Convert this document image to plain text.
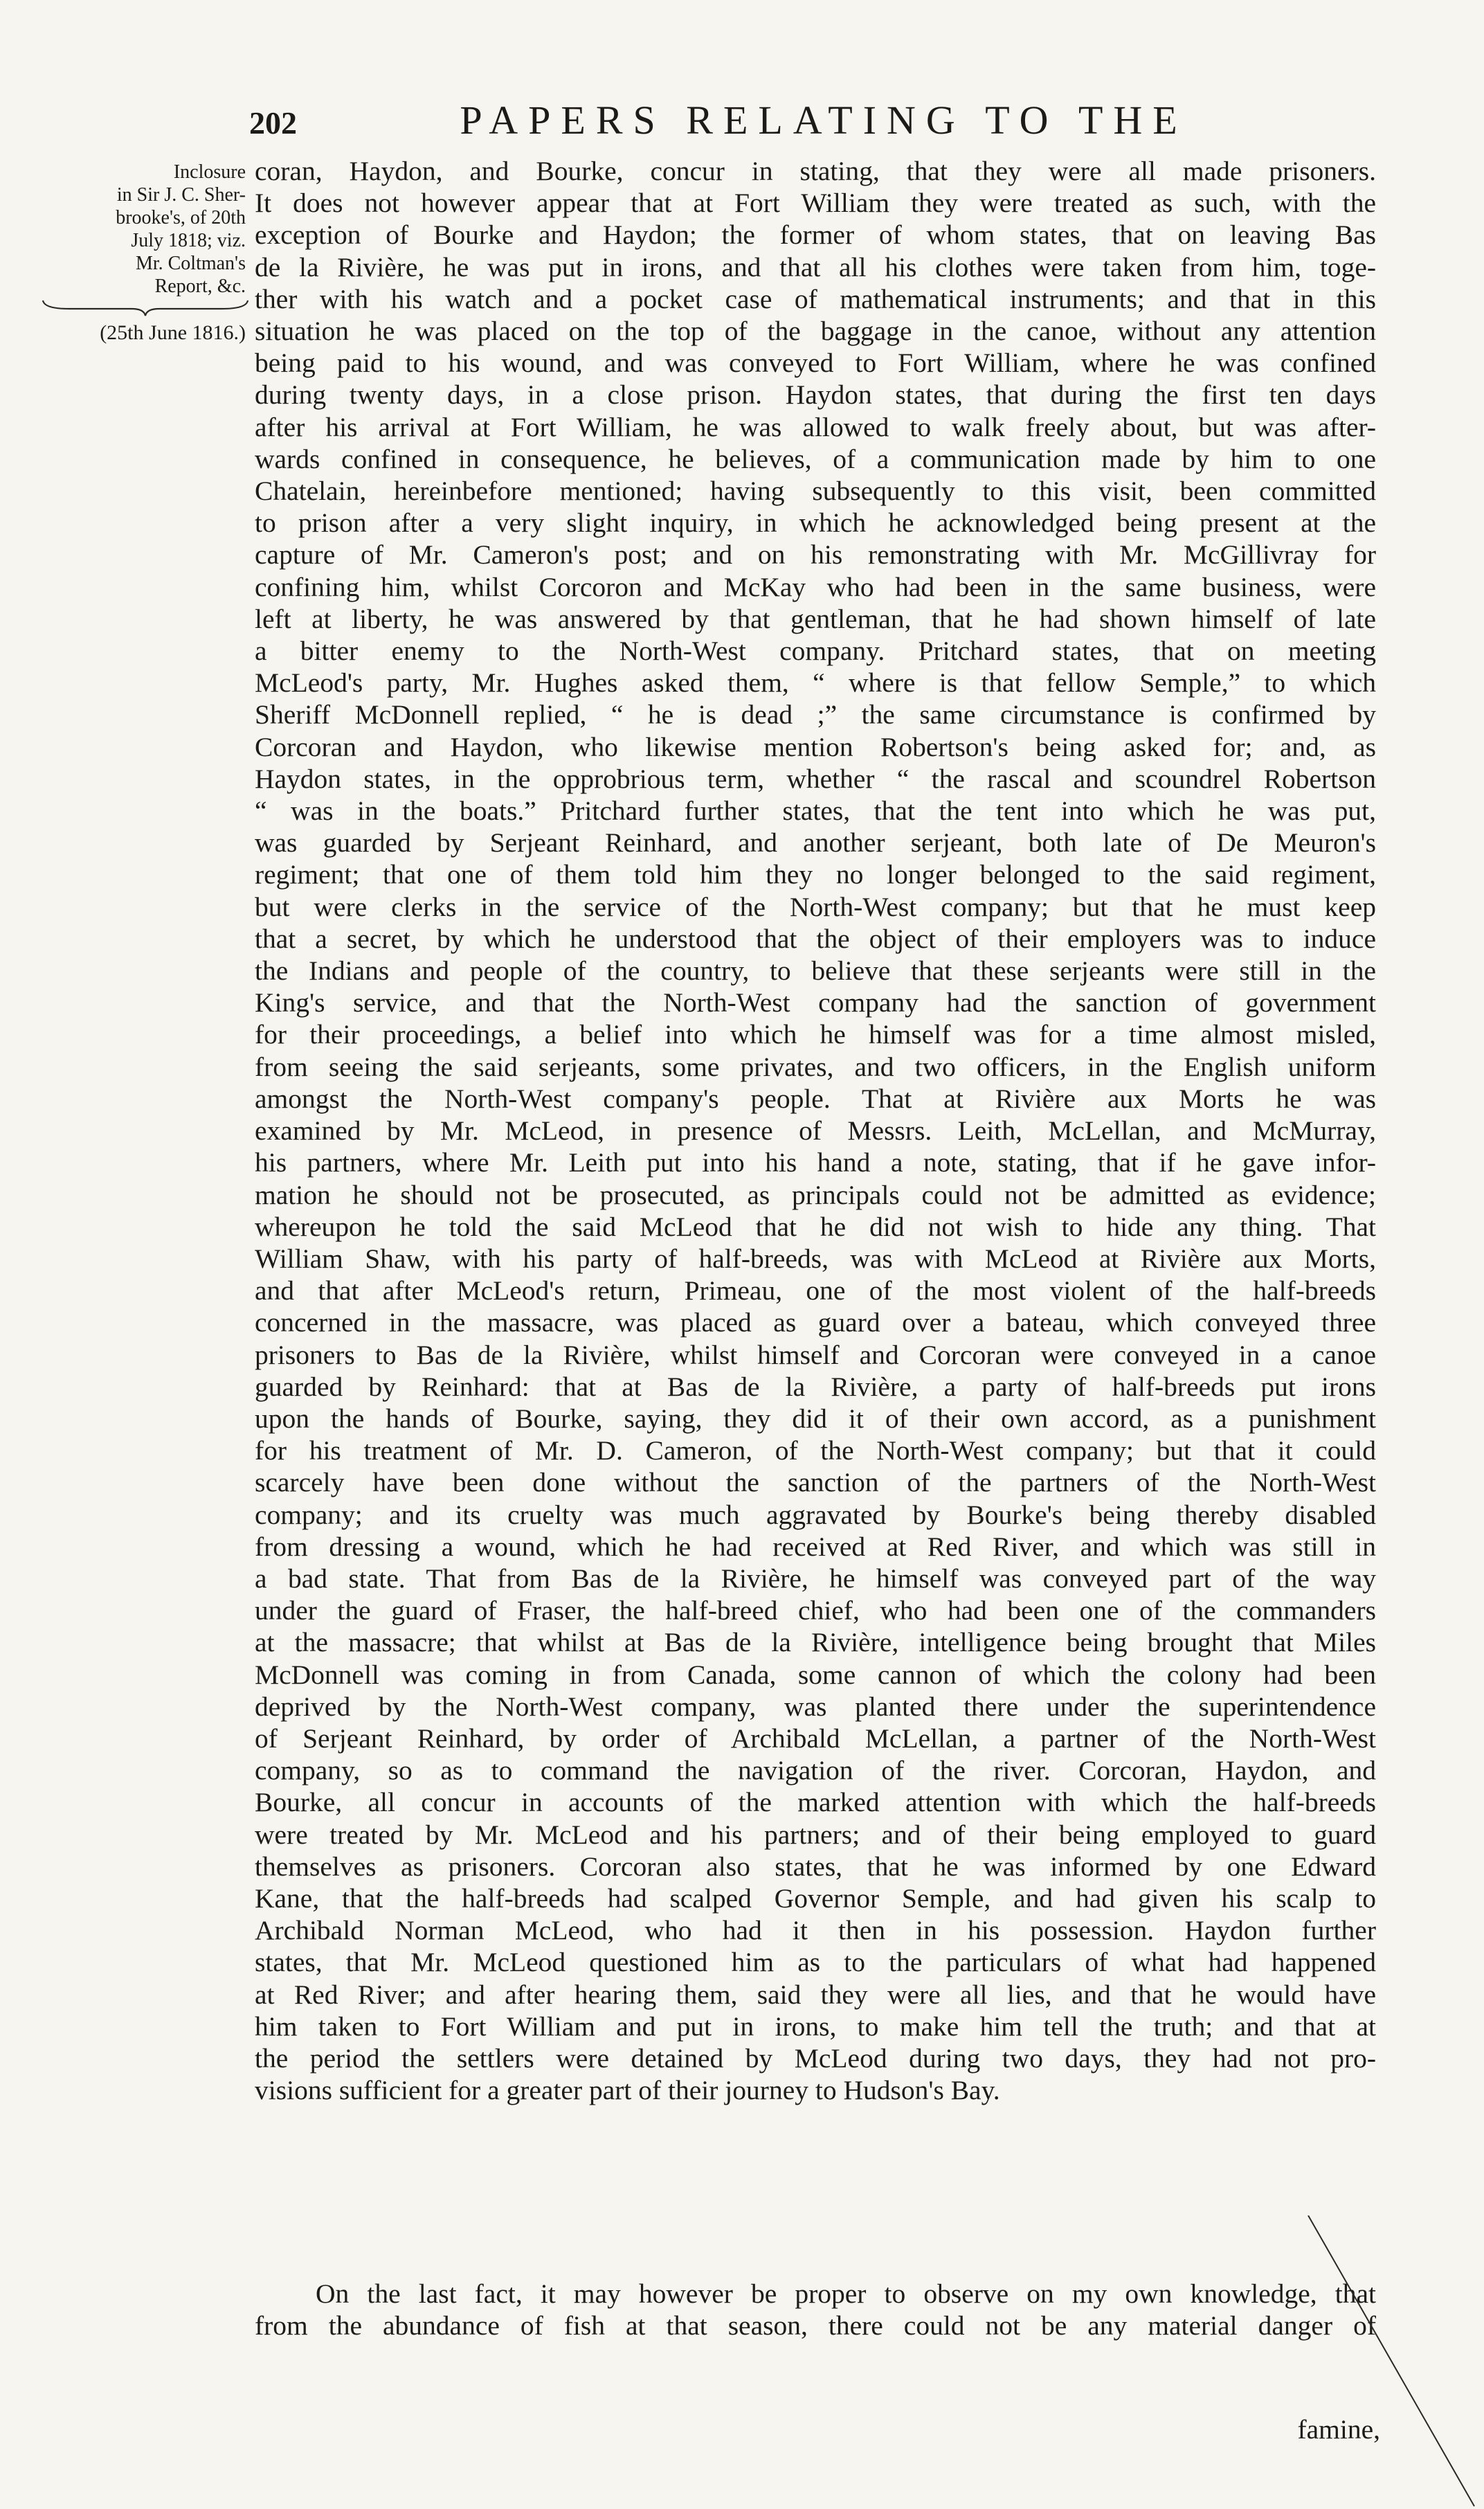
202	PAPERS RELATING TO THE
Inclosure
in Sir J. C. Sher-
brooke's, of 20th
July 1818; viz.
Mr. Coltman's
Report, &c.
(25th June 1816.)
coran, Haydon, and Bourke, concur in stating, that they were all made prisoners.
It does not however appear that at Fort William they were treated as such, with the
exception of Bourke and Haydon; the former of whom states, that on leaving Bas
de la Rivière, he was put in irons, and that all his clothes were taken from him, toge-
ther with his watch and a pocket case of mathematical instruments; and that in this
situation he was placed on the top of the baggage in the canoe, without any attention
being paid to his wound, and was conveyed to Fort William, where he was confined
during twenty days, in a close prison. Haydon states, that during the first ten days
after his arrival at Fort William, he was allowed to walk freely about, but was after-
wards confined in consequence, he believes, of a communication made by him to one
Chatelain, hereinbefore mentioned; having subsequently to this visit, been committed
to prison after a very slight inquiry, in which he acknowledged being present at the
capture of Mr. Cameron's post; and on his remonstrating with Mr. McGillivray for
confining him, whilst Corcoron and McKay who had been in the same business, were
left at liberty, he was answered by that gentleman, that he had shown himself of late
a bitter enemy to the North-West company. Pritchard states, that on meeting
McLeod's party, Mr. Hughes asked them, “ where is that fellow Semple,” to which
Sheriff McDonnell replied, “ he is dead ;” the same circumstance is confirmed by
Corcoran and Haydon, who likewise mention Robertson's being asked for; and, as
Haydon states, in the opprobrious term, whether “ the rascal and scoundrel Robertson
“ was in the boats.” Pritchard further states, that the tent into which he was put,
was guarded by Serjeant Reinhard, and another serjeant, both late of De Meuron's
regiment; that one of them told him they no longer belonged to the said regiment,
but were clerks in the service of the North-West company; but that he must keep
that a secret, by which he understood that the object of their employers was to induce
the Indians and people of the country, to believe that these serjeants were still in the
King's service, and that the North-West company had the sanction of government
for their proceedings, a belief into which he himself was for a time almost misled,
from seeing the said serjeants, some privates, and two officers, in the English uniform
amongst the North-West company's people. That at Rivière aux Morts he was
examined by Mr. McLeod, in presence of Messrs. Leith, McLellan, and McMurray,
his partners, where Mr. Leith put into his hand a note, stating, that if he gave infor-
mation he should not be prosecuted, as principals could not be admitted as evidence;
whereupon he told the said McLeod that he did not wish to hide any thing. That
William Shaw, with his party of half-breeds, was with McLeod at Rivière aux Morts,
and that after McLeod's return, Primeau, one of the most violent of the half-breeds
concerned in the massacre, was placed as guard over a bateau, which conveyed three
prisoners to Bas de la Rivière, whilst himself and Corcoran were conveyed in a canoe
guarded by Reinhard: that at Bas de la Rivière, a party of half-breeds put irons
upon the hands of Bourke, saying, they did it of their own accord, as a punishment
for his treatment of Mr. D. Cameron, of the North-West company; but that it could
scarcely have been done without the sanction of the partners of the North-West
company; and its cruelty was much aggravated by Bourke's being thereby disabled
from dressing a wound, which he had received at Red River, and which was still in
a bad state. That from Bas de la Rivière, he himself was conveyed part of the way
under the guard of Fraser, the half-breed chief, who had been one of the commanders
at the massacre; that whilst at Bas de la Rivière, intelligence being brought that Miles
McDonnell was coming in from Canada, some cannon of which the colony had been
deprived by the North-West company, was planted there under the superintendence
of Serjeant Reinhard, by order of Archibald McLellan, a partner of the North-West
company, so as to command the navigation of the river. Corcoran, Haydon, and
Bourke, all concur in accounts of the marked attention with which the half-breeds
were treated by Mr. McLeod and his partners; and of their being employed to guard
themselves as prisoners. Corcoran also states, that he was informed by one Edward
Kane, that the half-breeds had scalped Governor Semple, and had given his scalp to
Archibald Norman McLeod, who had it then in his possession. Haydon further
states, that Mr. McLeod questioned him as to the particulars of what had happened
at Red River; and after hearing them, said they were all lies, and that he would have
him taken to Fort William and put in irons, to make him tell the truth; and that at
the period the settlers were detained by McLeod during two days, they had not pro-
visions sufficient for a greater part of their journey to Hudson's Bay.
On the last fact, it may however be proper to observe on my own knowledge, that
from the abundance of fish at that season, there could not be any material danger of
famine,
